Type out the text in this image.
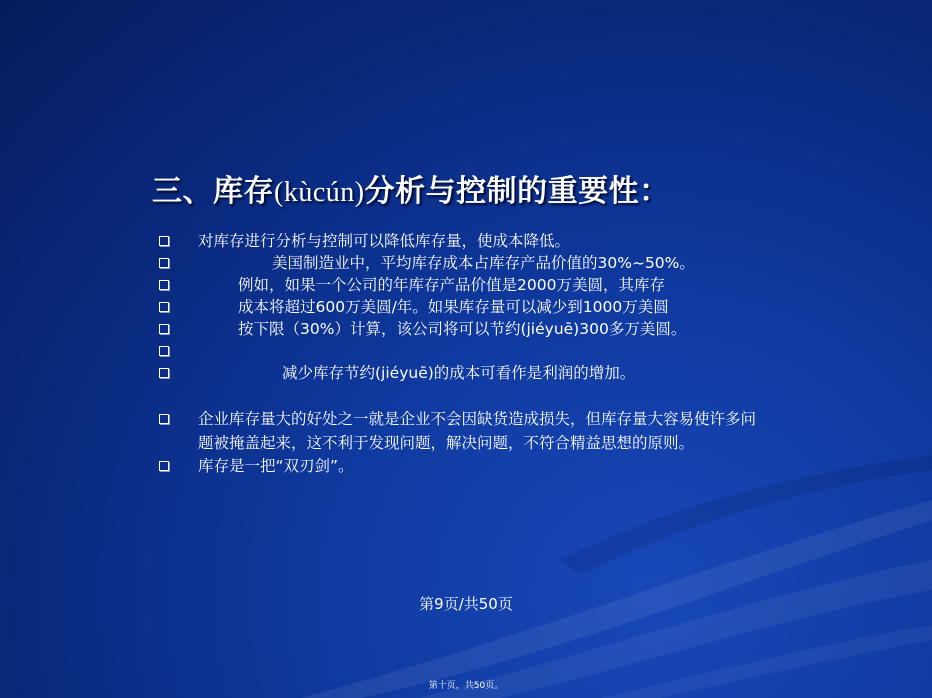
三、库存(kùcún)分析与控制的重要性：
对库存进行分析与控制可以降低库存量，使成本降低。
美国制造业中，平均库存成本占库存产品价值的30%~50%。
例如，如果一个公司的年库存产品价值是2000万美圆，其库存
成本将超过600万美圆/年。如果库存量可以减少到1000万美圆
按下限（30%）计算，该公司将可以节约(jiéyuē)300多万美圆。

减少库存节约(jiéyuē)的成本可看作是利润的增加。
企业库存量大的好处之一就是企业不会因缺货造成损失，但库存量大容易使许多问题被掩盖起来，这不利于发现问题，解决问题，不符合精益思想的原则。
库存是一把“双刃剑”。
第9页/共50页
第十页，共50页。
